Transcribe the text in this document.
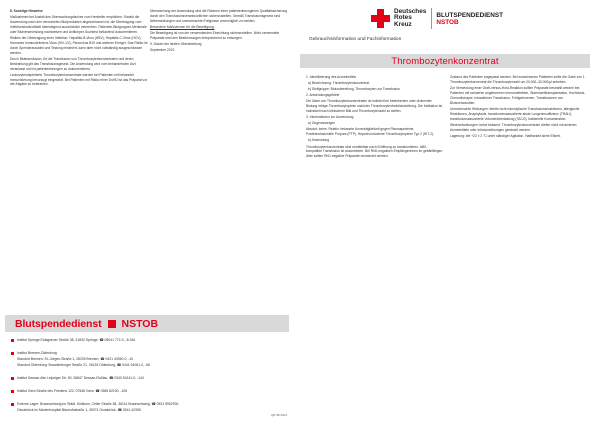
8. Sonstige Hinweise

Maßnahmen bei Ausfall des Überwachungsfaches vom Hersteller empfohlen: Sobald die Anwendung nach den verordneten Blutprodukten abgeschlossen ist, die Übertragung vom Infektionskontrollblatt überwiegend ausdrücklich vermerken. Patienten-Blutgruppen-Merkmale oder Blutverwechslung nachweisen und Antikörper-Suchtest fortlaufend dokumentieren.

Risiken der Übertragung einer Infektion: Hepatitis-B-Virus (HBV), Hepatitis-C-Virus (HCV), Humanes Immundefizienz-Virus (HIV-1/2), Parvovirus B19 und weiterer Erreger. Das Risiko ist durch Spenderauswahl und Testung minimiert, kann aber nicht vollständig ausgeschlossen werden.

Durch Bluttransfusion, für die Transfusion von Thrombozytenkonzentraten und deren Bestrahlung gilt das Transfusionsgesetz. Die Anwendung wird vom behandelnden Arzt veranlasst und ist patientenbezogen zu dokumentieren.

Leukozytendepletierte Thrombozytenkonzentrate werden bei Patienten mit bekannter Immunisierung bevorzugt eingesetzt. Bei Patienten mit Risiko einer GvHD ist das Präparat vor der Abgabe zu bestrahlen.

Überwachung der Anwendung sind die Rahmen einer patientenbezogenen Qualitätssicherung durch den Transfusionsverantwortlichen sicherzustellen. Gemäß Transfusionsgesetz sind Nebenwirkungen und unerwünschte Ereignisse unverzüglich zu melden.

Besondere Maßnahmen für die Beseitigung:

Die Beseitigung ist von der verwendenden Einrichtung sicherzustellen. Nicht verwendete Präparate sind den Bestimmungen entsprechend zu entsorgen.

9. Datum der letzten Überarbeitung

September 2021

Blutspendedienst NSTOB
Institut Springe Eldagsener Straße 38, 31832 Springe, ☎ 05041 772-0, -8-334
Institut Bremen-Oldenburg
Standort Bremen: St.-Jürgen-Straße 1, 28205 Bremen, ☎ 0421 43940-0, -10
Standort Oldenburg: Brandenburger Straße 21, 26133 Oldenburg, ☎ 0441 94061-0, -66
Institut Dessau Alte Leipziger Str. 50, 06847 Dessau-Roßlau, ☎ 0340 54141-0, -144
Institut Gera Straße des Friedens 122, 07548 Gera, ☎ 0365 82100, -105
Externe Lager: Braunschweig Im Städt. Klinikum, Celler Straße 38, 38114 Braunschweig, ☎ 0531 5952930
Osnabrück im Marienhospital Bischofsstraße 1, 49074 Osnabrück, ☎ 0541 42355
Qtb: Bb 03/21
Deutsches
Rotes
Kreuz
BLUTSPENDEDIENST
NSTOB
Gebrauchsinformation und Fachinformation
Thrombozytenkonzentrat

1. Identifizierung des Arzneimittels

a) Bezeichnung: Thrombozytenkonzentrat

b) Stoffgruppe: Blutzubereitung, Thrombozyten zur Transfusion

2. Anwendungsgebiete

Die Gabe von Thrombozytenkonzentraten ist indiziert bei bestehender oder drohender Blutung infolge Thrombozytopenie und/oder Thrombozytenfunktionsstörung. Die Indikation ist individuell nach klinischem Bild und Thrombozytenzahl zu stellen.

3. Informationen zur Anwendung

a) Gegenanzeigen

Absolut: keine. Relativ: bekannte Unverträglichkeit gegen Plasmaproteine, Posttransfusionelle Purpura (PTP), Heparin-induzierte Thrombozytopenie Typ 2 (HIT-2).

b) Anwendung

Thrombozytenkonzentrate sind unmittelbar nach Eröffnung zu transfundieren. AB0-kompatible Transfusion ist anzustreben. Bei RhD-negativen Empfängerinnen im gebärfähigen Alter sollten RhD-negative Präparate verwendet werden.

Zustand des Patienten angepasst werden. Bei erwachsenen Patienten sollte die Gabe von 1 Thrombozytenkonzentrat die Thrombozytenzahl um 20.000–30.000/µl anheben.

Zur Vermeidung einer Graft-versus-Host-Reaktion sollten Präparate bestrahlt werden bei: Patienten mit schweren angeborenen Immundefekten, Stammzelltransplantation, Hochdosis-Chemotherapie, intrauteriner Transfusion, Frühgeborenen, Transfusionen von Blutsverwandten.

Unerwünschte Wirkungen: febrile nicht-hämolytische Transfusionsreaktionen, allergische Reaktionen, Anaphylaxie, transfusionsassoziierte akute Lungeninsuffizienz (TRALI), transfusionsassoziierte Volumenüberlastung (TACO), bakterielle Kontamination.

Wechselwirkungen: keine bekannt. Thrombozytenkonzentrate dürfen nicht mit anderen Arzneimitteln oder Infusionslösungen gemischt werden.

Lagerung: bei +22 ± 2 °C unter ständiger Agitation. Haltbarkeit siehe Etikett.
